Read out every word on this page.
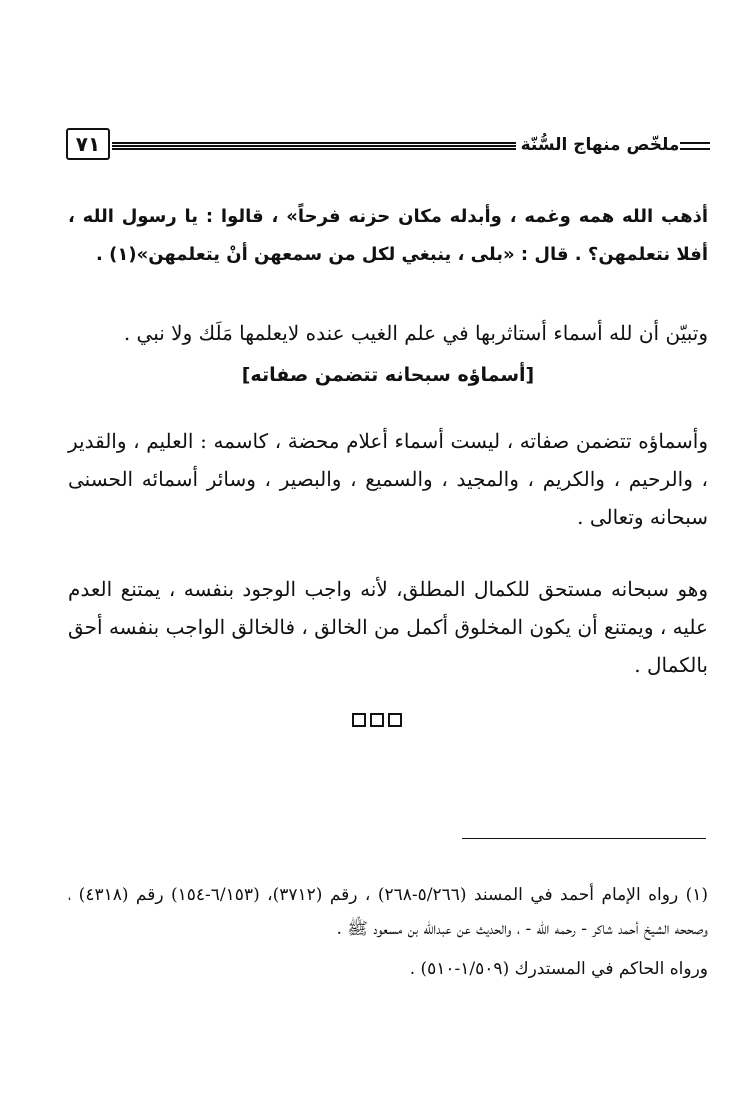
٧١	ملخّص منهاج السُّنّة

أذهب الله همه وغمه ، وأبدله مكان حزنه فرحاً» ، قالوا : يا رسول الله ، أفلا نتعلمهن؟ . قال : «بلى ، ينبغي لكل من سمعهن أنْ يتعلمهن»(١) .

وتبيّن أن لله أسماء أستاثربها في علم الغيب عنده لايعلمها مَلَك ولا نبي .

[أسماؤه سبحانه تتضمن صفاته]

وأسماؤه تتضمن صفاته ، ليست أسماء أعلام محضة ، كاسمه : العليم ، والقدير ، والرحيم ، والكريم ، والمجيد ، والسميع ، والبصير ، وسائر أسمائه الحسنى سبحانه وتعالى .

وهو سبحانه مستحق للكمال المطلق، لأنه واجب الوجود بنفسه ، يمتنع العدم عليه ، ويمتنع أن يكون المخلوق أكمل من الخالق ، فالخالق الواجب بنفسه أحق بالكمال .

(١) رواه الإمام أحمد في المسند (٥/٢٦٦-٢٦٨) ، رقم (٣٧١٢)، (٦/١٥٣-١٥٤) رقم (٤٣١٨) ، وصححه الشيخ أحمد شاكر - رحمه الله - ، والحديث عن عبدالله بن مسعود ﷺ .

ورواه الحاكم في المستدرك (١/٥٠٩-٥١٠) .
